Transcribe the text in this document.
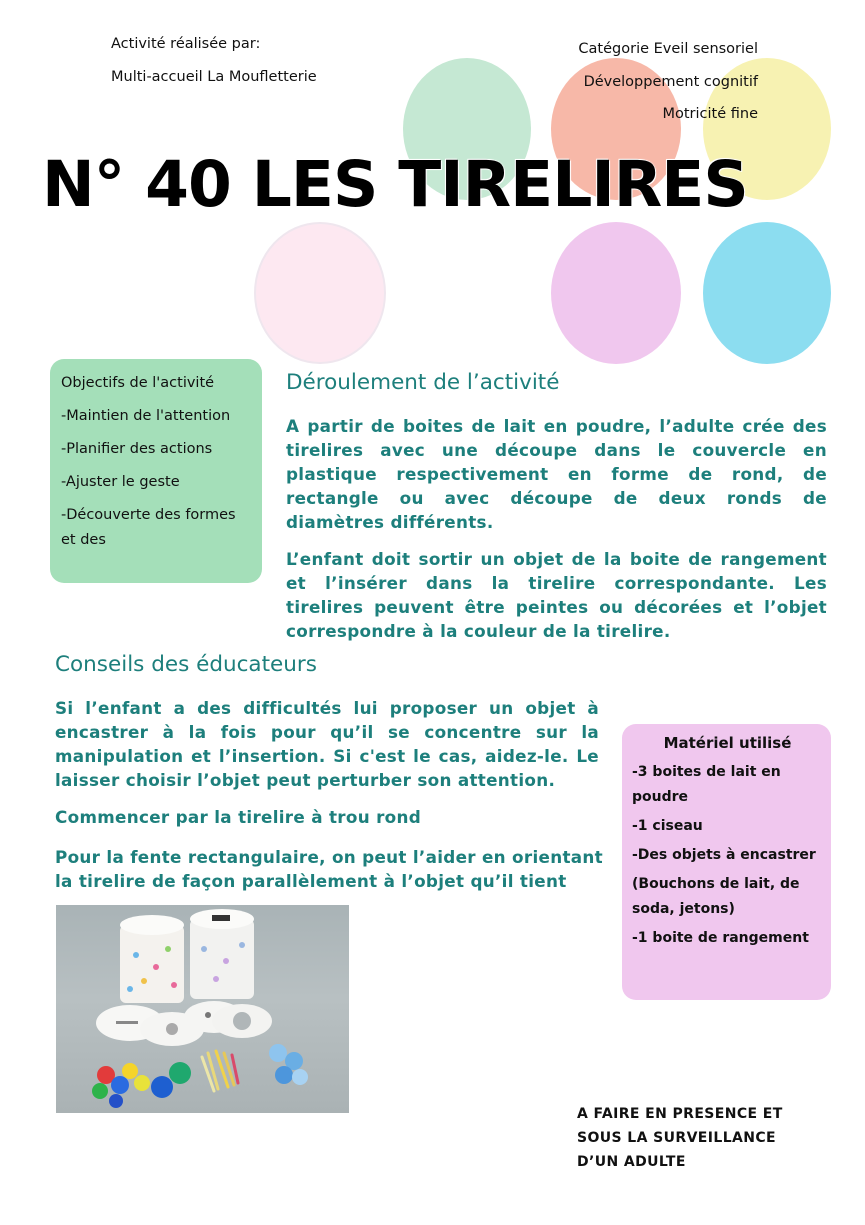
Activité réalisée par:
Multi-accueil La Moufletterie
Catégorie Eveil sensoriel
Développement cognitif
Motricité fine
N° 40 LES TIRELIRES
Objectifs de l'activité
-Maintien de l'attention
-Planifier des actions
-Ajuster le geste
-Découverte des formes et des
Déroulement de l’activité
A partir de boites de lait en poudre, l’adulte crée des tirelires avec une découpe dans le couvercle en plastique respectivement en forme de rond, de rectangle ou avec découpe de deux ronds de diamètres différents.
L’enfant doit sortir un objet de la boite de rangement et l’insérer dans la tirelire correspondante. Les tirelires peuvent être peintes ou décorées et l’objet correspondre à la couleur de la tirelire.
Conseils des éducateurs
Si l’enfant a des difficultés lui proposer un objet à encastrer à la fois pour qu’il se concentre sur la manipulation et l’insertion. Si c'est le cas, aidez-le. Le laisser choisir l’objet peut perturber son attention.
Commencer par la tirelire à trou rond
Pour la fente rectangulaire, on peut l’aider en orientant la tirelire de façon parallèlement à l’objet qu’il tient
Matériel utilisé
-3 boites de lait en poudre
-1 ciseau
-Des objets à encastrer
(Bouchons de lait, de soda, jetons)
-1 boite de rangement
A FAIRE EN PRESENCE ET
SOUS LA SURVEILLANCE
D’UN ADULTE
